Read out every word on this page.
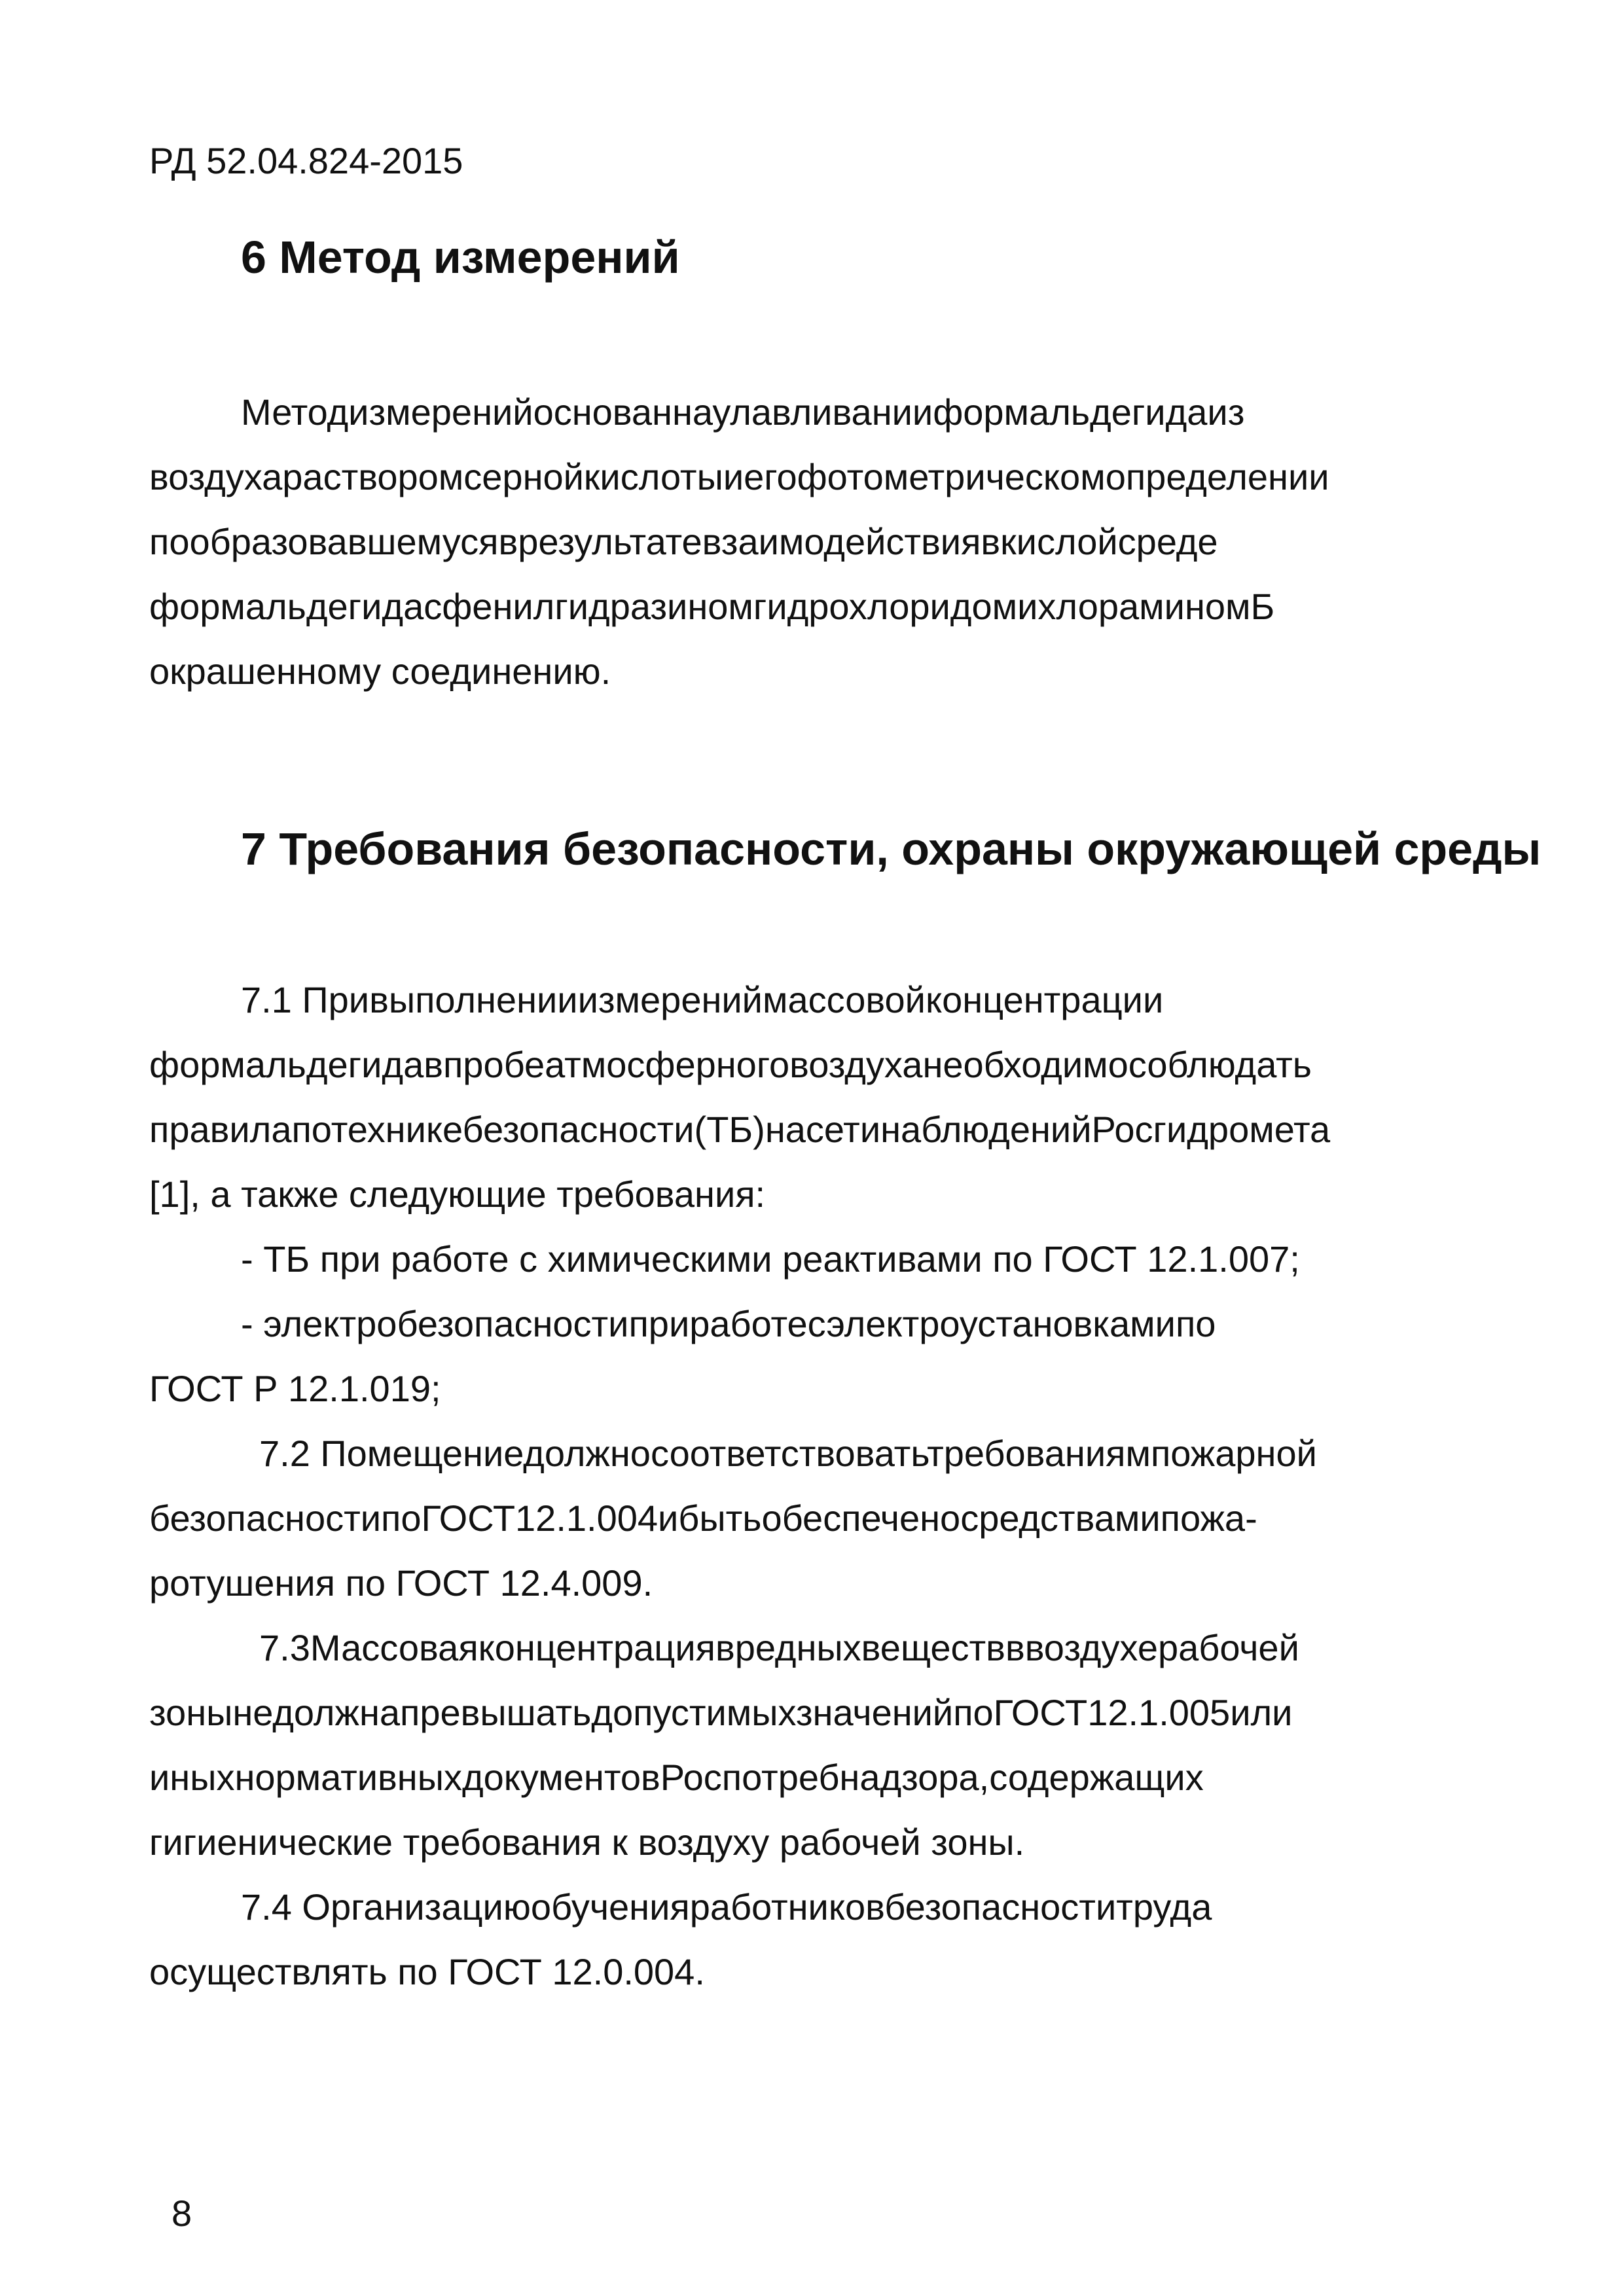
РД 52.04.824-2015
6 Метод измерений
Методизмеренийоснованнаулавливанииформальдегидаиз
воздухарастворомсернойкислотыиегофотометрическомопределении
пообразовавшемусяврезультатевзаимодействиявкислойсреде
формальдегидасфенилгидразиномгидрохлоридомихлораминомБ
окрашенному соединению.
7 Требования безопасности, охраны окружающей среды
7.1 Привыполненииизмерениймассовойконцентрации
формальдегидавпробеатмосферноговоздуханеобходимособлюдать
правилапотехникебезопасности(ТБ)насетинаблюденийРосгидромета
[1], а также следующие требования:
- ТБ при работе с химическими реактивами по ГОСТ 12.1.007;
- электробезопасностиприработесэлектроустановкамипо
ГОСТ Р 12.1.019;
7.2 Помещениедолжносоответствоватьтребованиямпожарной
безопасностипоГОСТ12.1.004ибытьобеспеченосредствамипожа-
ротушения по ГОСТ 12.4.009.
7.3Массоваяконцентрациявредныхвеществввоздухерабочей
зонынедолжнапревышатьдопустимыхзначенийпоГОСТ12.1.005или
иныхнормативныхдокументовРоспотребнадзора,содержащих
гигиенические требования к воздуху рабочей зоны.
7.4 Организациюобученияработниковбезопасноститруда
осуществлять по ГОСТ 12.0.004.
8
